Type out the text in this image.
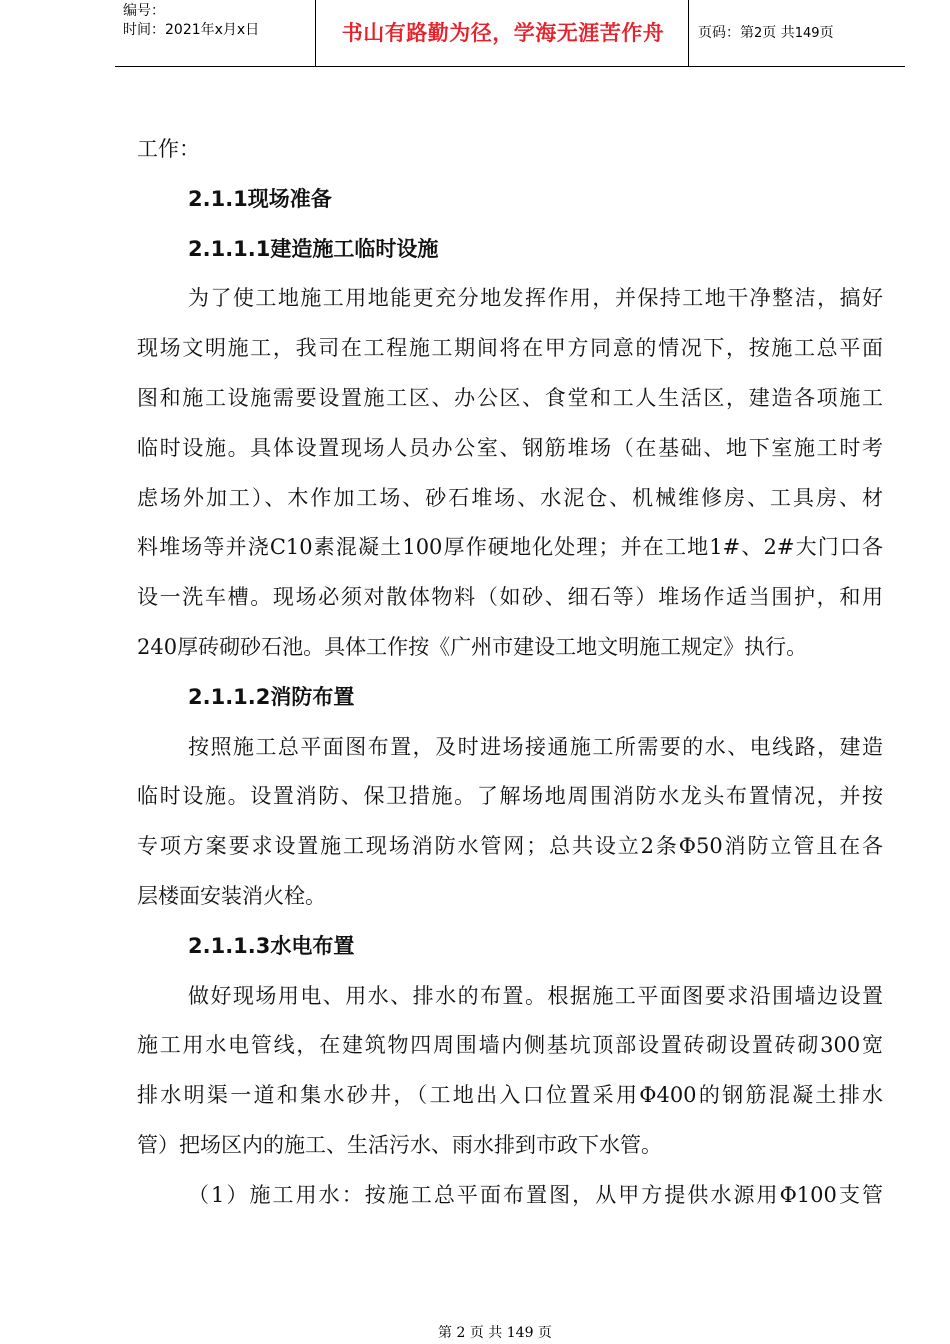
编号：
时间：2021年x月x日	书山有路勤为径，学海无涯苦作舟	页码：第2页 共149页
工作：
2.1.1现场准备
2.1.1.1建造施工临时设施
为了使工地施工用地能更充分地发挥作用，并保持工地干净整洁，搞好
现场文明施工，我司在工程施工期间将在甲方同意的情况下，按施工总平面
图和施工设施需要设置施工区、办公区、食堂和工人生活区，建造各项施工
临时设施。具体设置现场人员办公室、钢筋堆场（在基础、地下室施工时考
虑场外加工）、木作加工场、砂石堆场、水泥仓、机械维修房、工具房、材
料堆场等并浇C10素混凝土100厚作硬地化处理；并在工地1#、2#大门口各
设一洗车槽。现场必须对散体物料（如砂、细石等）堆场作适当围护，和用
240厚砖砌砂石池。具体工作按《广州市建设工地文明施工规定》执行。
2.1.1.2消防布置
按照施工总平面图布置，及时进场接通施工所需要的水、电线路，建造
临时设施。设置消防、保卫措施。了解场地周围消防水龙头布置情况，并按
专项方案要求设置施工现场消防水管网；总共设立2条Φ50消防立管且在各
层楼面安装消火栓。
2.1.1.3水电布置
做好现场用电、用水、排水的布置。根据施工平面图要求沿围墙边设置
施工用水电管线，在建筑物四周围墙内侧基坑顶部设置砖砌设置砖砌300宽
排水明渠一道和集水砂井，（工地出入口位置采用Φ400的钢筋混凝土排水
管）把场区内的施工、生活污水、雨水排到市政下水管。
（1）施工用水：按施工总平面布置图，从甲方提供水源用Φ100支管
第 2 页 共 149 页
